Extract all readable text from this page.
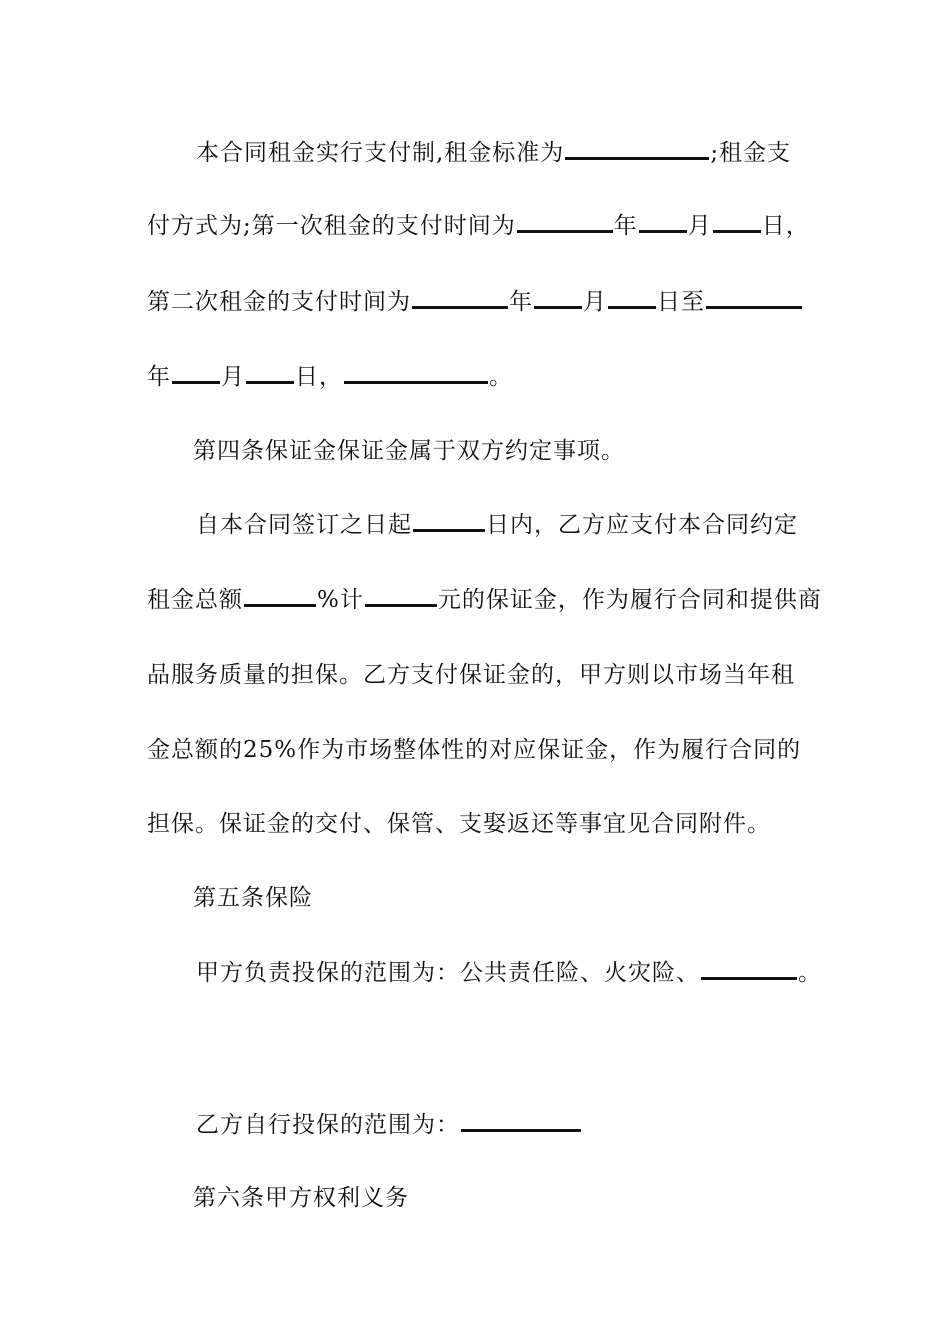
本合同租金实行支付制,租金标准为	;租金支
付方式为;第一次租金的支付时间为	年 月 日，
第二次租金的支付时间为	年 月 日至
年 月 日，	。
第四条保证金保证金属于双方约定事项。
自本合同签订之日起	日内，乙方应支付本合同约定
租金总额	%计	元的保证金，作为履行合同和提供商
品服务质量的担保。乙方支付保证金的，甲方则以市场当年租
金总额的25%作为市场整体性的对应保证金，作为履行合同的
担保。保证金的交付、保管、支娶返还等事宜见合同附件。
第五条保险
甲方负责投保的范围为：公共责任险、火灾险、	。
乙方自行投保的范围为：
第六条甲方权利义务
